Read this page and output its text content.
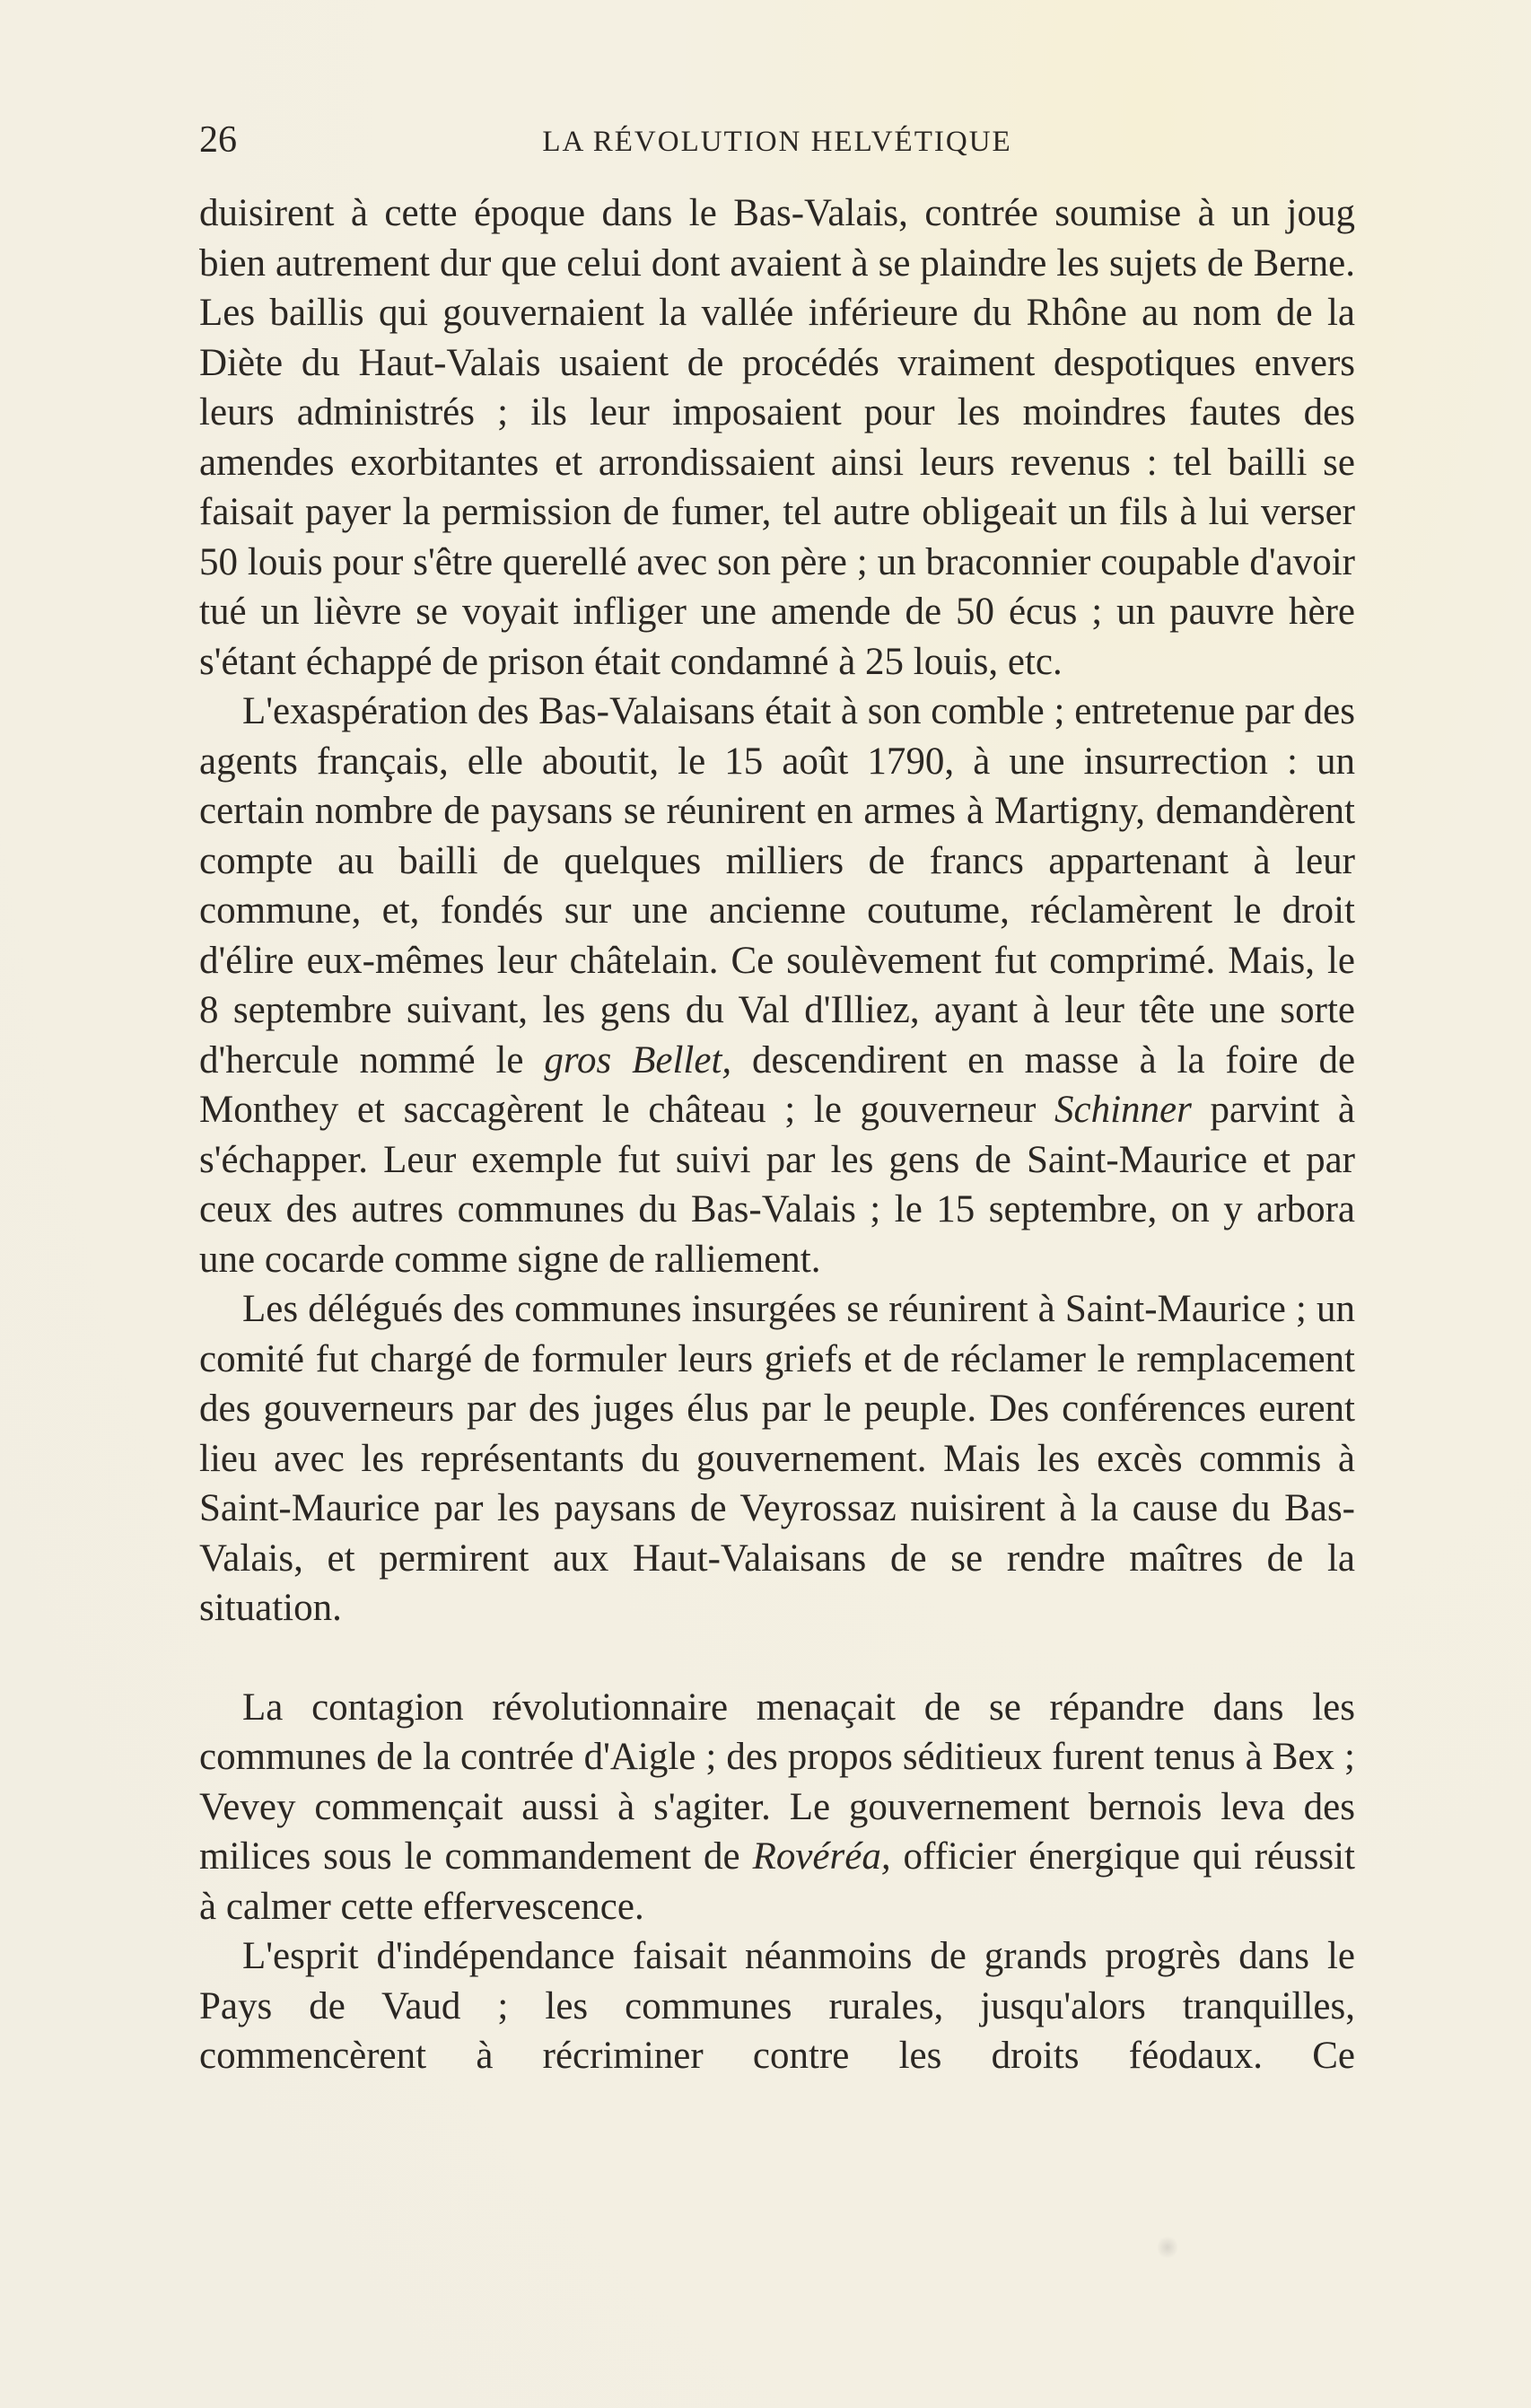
26	LA RÉVOLUTION HELVÉTIQUE

duisirent à cette époque dans le Bas-Valais, contrée soumise à un joug bien autrement dur que celui dont avaient à se plaindre les sujets de Berne. Les baillis qui gouvernaient la vallée inférieure du Rhône au nom de la Diète du Haut-Valais usaient de procédés vraiment despotiques envers leurs administrés ; ils leur imposaient pour les moindres fautes des amendes exorbitantes et arrondissaient ainsi leurs revenus : tel bailli se faisait payer la permission de fumer, tel autre obligeait un fils à lui verser 50 louis pour s'être querellé avec son père ; un braconnier coupable d'avoir tué un lièvre se voyait infliger une amende de 50 écus ; un pauvre hère s'étant échappé de prison était condamné à 25 louis, etc.

L'exaspération des Bas-Valaisans était à son comble ; entretenue par des agents français, elle aboutit, le 15 août 1790, à une insurrection : un certain nombre de paysans se réunirent en armes à Martigny, demandèrent compte au bailli de quelques milliers de francs appartenant à leur commune, et, fondés sur une ancienne coutume, réclamèrent le droit d'élire eux-mêmes leur châtelain. Ce soulèvement fut comprimé. Mais, le 8 septembre suivant, les gens du Val d'Illiez, ayant à leur tête une sorte d'hercule nommé le gros Bellet, descendirent en masse à la foire de Monthey et saccagèrent le château ; le gouverneur Schinner parvint à s'échapper. Leur exemple fut suivi par les gens de Saint-Maurice et par ceux des autres communes du Bas-Valais ; le 15 septembre, on y arbora une cocarde comme signe de ralliement.

Les délégués des communes insurgées se réunirent à Saint-Maurice ; un comité fut chargé de formuler leurs griefs et de réclamer le remplacement des gouverneurs par des juges élus par le peuple. Des conférences eurent lieu avec les représentants du gouvernement. Mais les excès commis à Saint-Maurice par les paysans de Veyrossaz nuisirent à la cause du Bas-Valais, et permirent aux Haut-Valaisans de se rendre maîtres de la situation.

La contagion révolutionnaire menaçait de se répandre dans les communes de la contrée d'Aigle ; des propos séditieux furent tenus à Bex ; Vevey commençait aussi à s'agiter. Le gouvernement bernois leva des milices sous le commandement de Rovéréa, officier énergique qui réussit à calmer cette effervescence.

L'esprit d'indépendance faisait néanmoins de grands progrès dans le Pays de Vaud ; les communes rurales, jusqu'alors tranquilles, commencèrent à récriminer contre les droits féodaux. Ce
